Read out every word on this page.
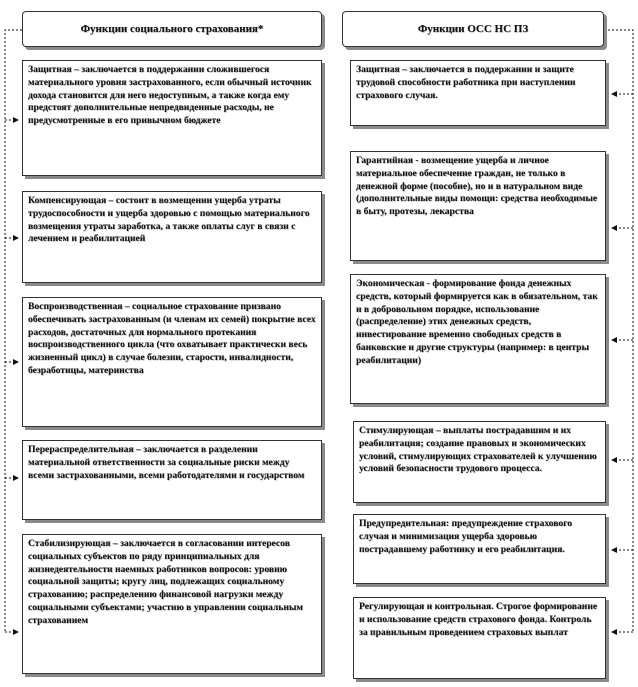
Функции социального страхования*
Защитная – заключается в поддержании сложившегося материального уровня застрахованного, если обычный источник дохода становится для него недоступным, а также когда ему предстоят дополнительные непредвиденные расходы, не предусмотренные в его привычном бюджете
Компенсирующая – состоит в возмещении ущерба утраты трудоспособности и ущерба здоровью с помощью материального возмещения утраты заработка, а также оплаты слуг в связи с лечением и реабилитацией
Воспроизводственная – социальное страхование призвано обеспечивать застрахованным (и членам их семей) покрытие всех расходов, достаточных для нормального протекания воспроизводственного цикла (что охватывает практически весь жизненный цикл) в случае болезни, старости, инвалидности, безработицы, материнства
Перераспределительная – заключается в разделении материальной ответственности за социальные риски между всеми застрахованными, всеми работодателями и государством
Стабилизирующая – заключается в согласовании интересов социальных субъектов по ряду принципиальных для жизнедеятельности наемных работников вопросов: уровню социальной защиты; кругу лиц, подлежащих социальному страхованию; распределению финансовой нагрузки между социальными субъектами; участию в управлении социальным страхованием
Функции ОСС НС ПЗ
Защитная – заключается в поддержании и защите трудовой способности работника при наступлении страхового случая.
Гарантийная - возмещение ущерба и личное материальное обеспечение граждан, не только в денежной форме (пособие), но и в натуральном виде (дополнительные виды помощи: средства необходимые в быту, протезы, лекарства
Экономическая - формирование фонда денежных средств, который формируется как в обязательном, так и в добровольном порядке, использование (распределение) этих денежных средств, инвестирование временно свободных средств в банковские и другие структуры (например: в центры реабилитации)
Стимулирующая – выплаты пострадавшим и их реабилитация; создание правовых и экономических условий, стимулирующих страхователей к улучшению условий безопасности трудового процесса.
Предупредительная: предупреждение страхового случая и минимизация ущерба здоровью пострадавшему работнику и его реабилитация.
Регулирующая и контрольная. Строгое формирование и использование средств страхового фонда. Контроль за правильным проведением страховых выплат
